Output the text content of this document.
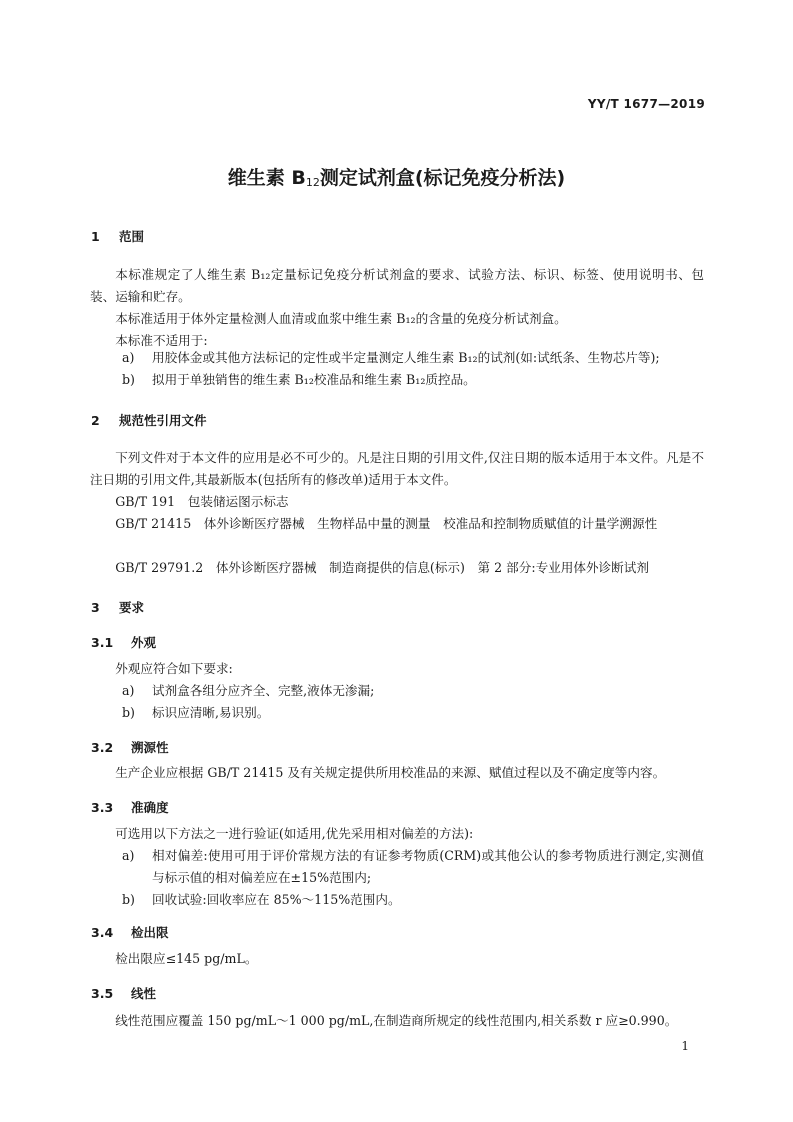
YY/T 1677—2019
维生素 $B_{12}$测定试剂盒(标记免疫分析法)
1 范围
本标准规定了人维生素 B₁₂定量标记免疫分析试剂盒的要求、试验方法、标识、标签、使用说明书、包装、运输和贮存。
本标准适用于体外定量检测人血清或血浆中维生素 B₁₂的含量的免疫分析试剂盒。
本标准不适用于:
a) 用胶体金或其他方法标记的定性或半定量测定人维生素 B₁₂的试剂(如:试纸条、生物芯片等);
b) 拟用于单独销售的维生素 B₁₂校准品和维生素 B₁₂质控品。
2 规范性引用文件
下列文件对于本文件的应用是必不可少的。凡是注日期的引用文件,仅注日期的版本适用于本文件。凡是不注日期的引用文件,其最新版本(包括所有的修改单)适用于本文件。
GB/T 191　包装储运图示标志
GB/T 21415　体外诊断医疗器械　生物样品中量的测量　校准品和控制物质赋值的计量学溯源性
GB/T 29791.2　体外诊断医疗器械　制造商提供的信息(标示)　第 2 部分:专业用体外诊断试剂
3 要求
3.1 外观
外观应符合如下要求:
a) 试剂盒各组分应齐全、完整,液体无渗漏;
b) 标识应清晰,易识别。
3.2 溯源性
生产企业应根据 GB/T 21415 及有关规定提供所用校准品的来源、赋值过程以及不确定度等内容。
3.3 准确度
可选用以下方法之一进行验证(如适用,优先采用相对偏差的方法):
a) 相对偏差:使用可用于评价常规方法的有证参考物质(CRM)或其他公认的参考物质进行测定,实测值与标示值的相对偏差应在±15%范围内;
b) 回收试验:回收率应在 85%～115%范围内。
3.4 检出限
检出限应≤145 pg/mL。
3.5 线性
线性范围应覆盖 150 pg/mL～1 000 pg/mL,在制造商所规定的线性范围内,相关系数 r 应≥0.990。
1
